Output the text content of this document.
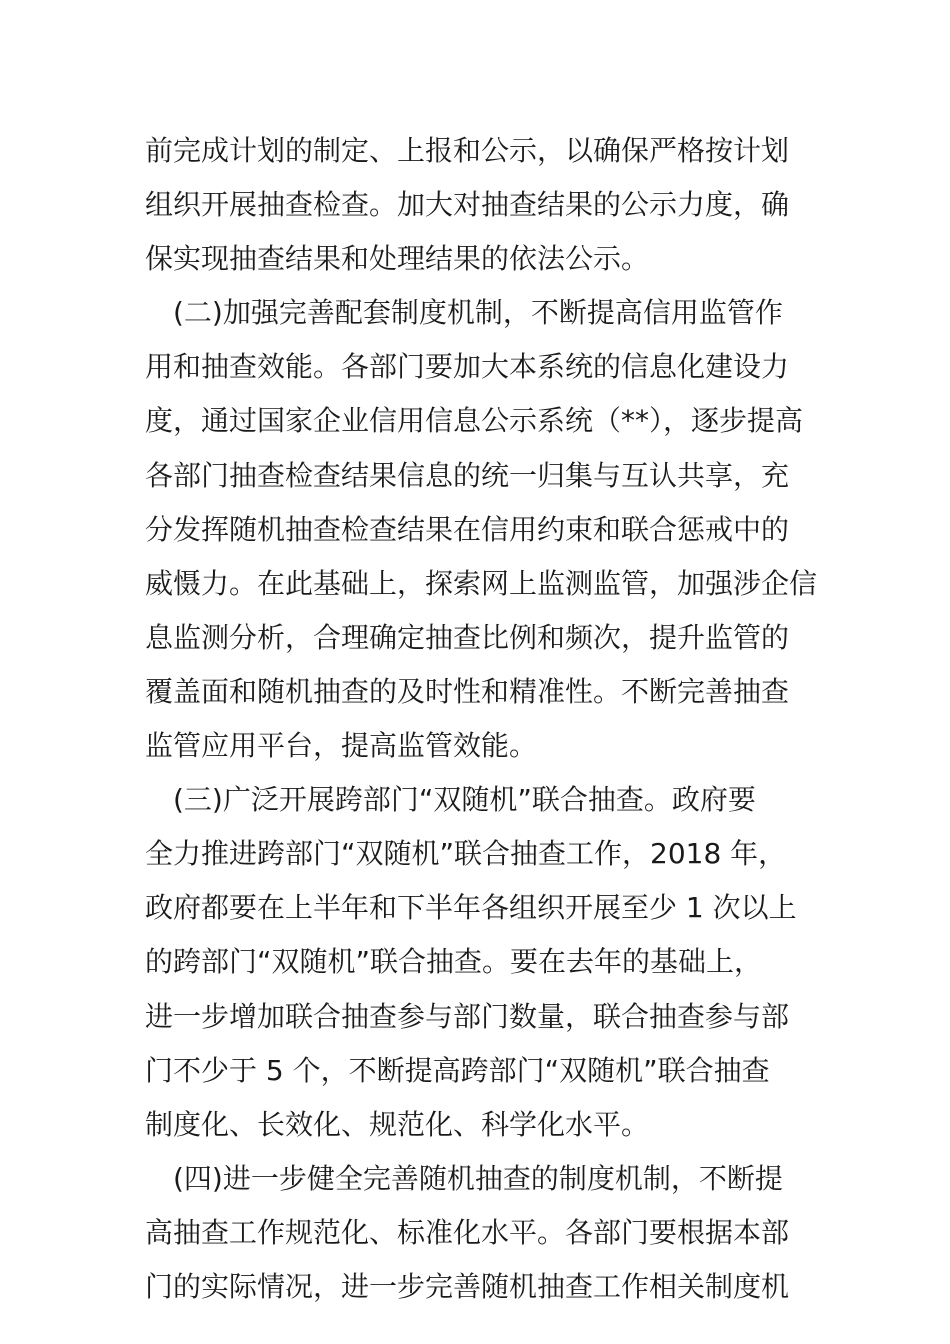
前完成计划的制定、上报和公示，以确保严格按计划
组织开展抽查检查。加大对抽查结果的公示力度，确
保实现抽查结果和处理结果的依法公示。
　(二)加强完善配套制度机制，不断提高信用监管作
用和抽查效能。各部门要加大本系统的信息化建设力
度，通过国家企业信用信息公示系统（**），逐步提高
各部门抽查检查结果信息的统一归集与互认共享，充
分发挥随机抽查检查结果在信用约束和联合惩戒中的
威慑力。在此基础上，探索网上监测监管，加强涉企信
息监测分析，合理确定抽查比例和频次，提升监管的
覆盖面和随机抽查的及时性和精准性。不断完善抽查
监管应用平台，提高监管效能。
　(三)广泛开展跨部门“双随机”联合抽查。政府要
全力推进跨部门“双随机”联合抽查工作，2018 年，
政府都要在上半年和下半年各组织开展至少 1 次以上
的跨部门“双随机”联合抽查。要在去年的基础上，
进一步增加联合抽查参与部门数量，联合抽查参与部
门不少于 5 个，不断提高跨部门“双随机”联合抽查
制度化、长效化、规范化、科学化水平。
　(四)进一步健全完善随机抽查的制度机制，不断提
高抽查工作规范化、标准化水平。各部门要根据本部
门的实际情况，进一步完善随机抽查工作相关制度机
